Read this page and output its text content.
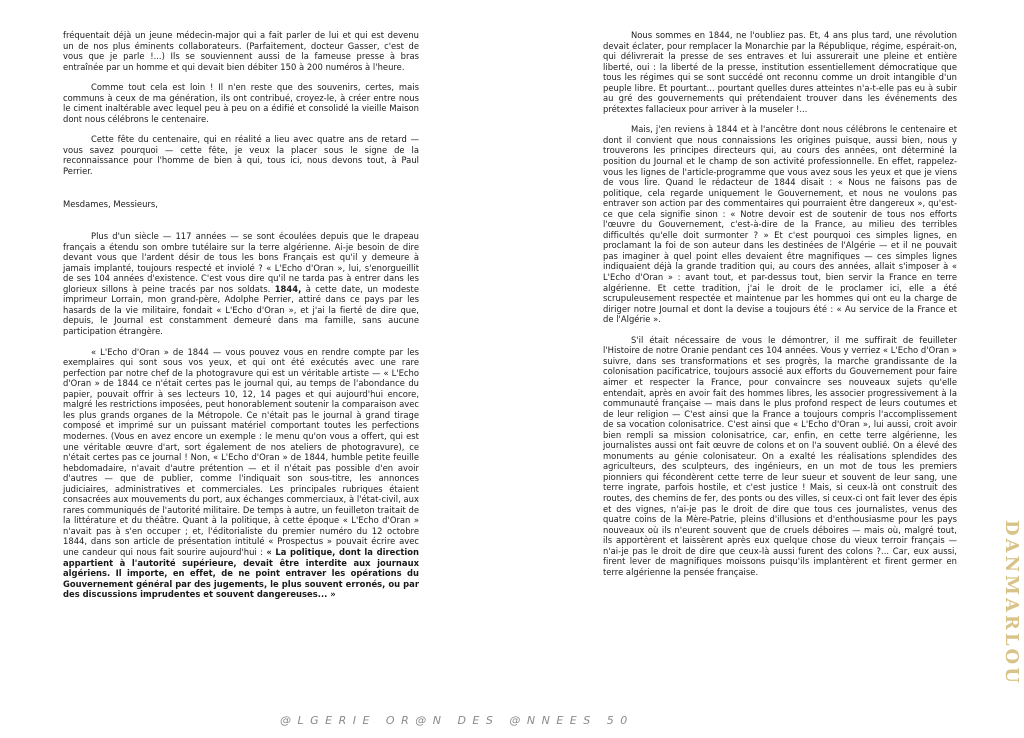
fréquentait déjà un jeune médecin-major qui a fait parler de lui et qui est devenu un de nos plus éminents collaborateurs. (Parfaitement, docteur Gasser, c'est de vous que je parle !...) Ils se souviennent aussi de la fameuse presse à bras entraînée par un homme et qui devait bien débiter 150 à 200 numéros à l'heure.

Comme tout cela est loin ! Il n'en reste que des souvenirs, certes, mais communs à ceux de ma génération, ils ont contribué, croyez-le, à créer entre nous le ciment inaltérable avec lequel peu à peu on a édifié et consolidé la vieille Maison dont nous célébrons le centenaire.

Cette fête du centenaire, qui en réalité a lieu avec quatre ans de retard — vous savez pourquoi — cette fête, je veux la placer sous le signe de la reconnaissance pour l'homme de bien à qui, tous ici, nous devons tout, à Paul Perrier.

Mesdames, Messieurs,

Plus d'un siècle — 117 années — se sont écoulées depuis que le drapeau français a étendu son ombre tutélaire sur la terre algérienne. Ai-je besoin de dire devant vous que l'ardent désir de tous les bons Français est qu'il y demeure à jamais implanté, toujours respecté et inviolé ? « L'Echo d'Oran », lui, s'enorgueillit de ses 104 années d'existence. C'est vous dire qu'il ne tarda pas à entrer dans les glorieux sillons à peine tracés par nos soldats. 1844, à cette date, un modeste imprimeur Lorrain, mon grand-père, Adolphe Perrier, attiré dans ce pays par les hasards de la vie militaire, fondait « L'Echo d'Oran », et j'ai la fierté de dire que, depuis, le Journal est constamment demeuré dans ma famille, sans aucune participation étrangère.

« L'Echo d'Oran » de 1844 — vous pouvez vous en rendre compte par les exemplaires qui sont sous vos yeux, et qui ont été exécutés avec une rare perfection par notre chef de la photogravure qui est un véritable artiste — « L'Echo d'Oran » de 1844 ce n'était certes pas le journal qui, au temps de l'abondance du papier, pouvait offrir à ses lecteurs 10, 12, 14 pages et qui aujourd'hui encore, malgré les restrictions imposées, peut honorablement soutenir la comparaison avec les plus grands organes de la Métropole. Ce n'était pas le journal à grand tirage composé et imprimé sur un puissant matériel comportant toutes les perfections modernes. (Vous en avez encore un exemple : le menu qu'on vous a offert, qui est une véritable œuvre d'art, sort également de nos ateliers de photogravure), ce n'était certes pas ce journal ! Non, « L'Echo d'Oran » de 1844, humble petite feuille hebdomadaire, n'avait d'autre prétention — et il n'était pas possible d'en avoir d'autres — que de publier, comme l'indiquait son sous-titre, les annonces judiciaires, administratives et commerciales. Les principales rubriques étaient consacrées aux mouvements du port, aux échanges commerciaux, à l'état-civil, aux rares communiqués de l'autorité militaire. De temps à autre, un feuilleton traitait de la littérature et du théâtre. Quant à la politique, à cette époque « L'Echo d'Oran » n'avait pas à s'en occuper ; et, l'éditorialiste du premier numéro du 12 octobre 1844, dans son article de présentation intitulé « Prospectus » pouvait écrire avec une candeur qui nous fait sourire aujourd'hui : « La politique, dont la direction appartient à l'autorité supérieure, devait être interdite aux journaux algériens. Il importe, en effet, de ne point entraver les opérations du Gouvernement général par des jugements, le plus souvent erronés, ou par des discussions imprudentes et souvent dangereuses... »

Nous sommes en 1844, ne l'oubliez pas. Et, 4 ans plus tard, une révolution devait éclater, pour remplacer la Monarchie par la République, régime, espérait-on, qui délivrerait la presse de ses entraves et lui assurerait une pleine et entière liberté, oui : la liberté de la presse, institution essentiellement démocratique que tous les régimes qui se sont succédé ont reconnu comme un droit intangible d'un peuple libre. Et pourtant... pourtant quelles dures atteintes n'a-t-elle pas eu à subir au gré des gouvernements qui prétendaient trouver dans les événements des prétextes fallacieux pour arriver à la museler !...

Mais, j'en reviens à 1844 et à l'ancêtre dont nous célébrons le centenaire et dont il convient que nous connaissions les origines puisque, aussi bien, nous y trouverons les principes directeurs qui, au cours des années, ont déterminé la position du Journal et le champ de son activité professionnelle. En effet, rappelez-vous les lignes de l'article-programme que vous avez sous les yeux et que je viens de vous lire. Quand le rédacteur de 1844 disait : « Nous ne faisons pas de politique, cela regarde uniquement le Gouvernement, et nous ne voulons pas entraver son action par des commentaires qui pourraient être dangereux », qu'est-ce que cela signifie sinon : « Notre devoir est de soutenir de tous nos efforts l'œuvre du Gouvernement, c'est-à-dire de la France, au milieu des terribles difficultés qu'elle doit surmonter ? » Et c'est pourquoi ces simples lignes, en proclamant la foi de son auteur dans les destinées de l'Algérie — et il ne pouvait pas imaginer à quel point elles devaient être magnifiques — ces simples lignes indiquaient déjà la grande tradition qui, au cours des années, allait s'imposer à « L'Echo d'Oran » : avant tout, et par-dessus tout, bien servir la France en terre algérienne. Et cette tradition, j'ai le droit de le proclamer ici, elle a été scrupuleusement respectée et maintenue par les hommes qui ont eu la charge de diriger notre Journal et dont la devise a toujours été : « Au service de la France et de l'Algérie ».

S'il était nécessaire de vous le démontrer, il me suffirait de feuilleter l'Histoire de notre Oranie pendant ces 104 années. Vous y verriez « L'Echo d'Oran » suivre, dans ses transformations et ses progrès, la marche grandissante de la colonisation pacificatrice, toujours associé aux efforts du Gouvernement pour faire aimer et respecter la France, pour convaincre ses nouveaux sujets qu'elle entendait, après en avoir fait des hommes libres, les associer progressivement à la communauté française — mais dans le plus profond respect de leurs coutumes et de leur religion — C'est ainsi que la France a toujours compris l'accomplissement de sa vocation colonisatrice. C'est ainsi que « L'Echo d'Oran », lui aussi, croit avoir bien rempli sa mission colonisatrice, car, enfin, en cette terre algérienne, les journalistes aussi ont fait œuvre de colons et on l'a souvent oublié. On a élevé des monuments au génie colonisateur. On a exalté les réalisations splendides des agriculteurs, des sculpteurs, des ingénieurs, en un mot de tous les premiers pionniers qui fécondèrent cette terre de leur sueur et souvent de leur sang, une terre ingrate, parfois hostile, et c'est justice ! Mais, si ceux-là ont construit des routes, des chemins de fer, des ponts ou des villes, si ceux-ci ont fait lever des épis et des vignes, n'ai-je pas le droit de dire que tous ces journalistes, venus des quatre coins de la Mère-Patrie, pleins d'illusions et d'enthousiasme pour les pays nouveaux où ils n'eurent souvent que de cruels déboires — mais où, malgré tout, ils apportèrent et laissèrent après eux quelque chose du vieux terroir français — n'ai-je pas le droit de dire que ceux-là aussi furent des colons ?... Car, eux aussi, firent lever de magnifiques moissons puisqu'ils implantèrent et firent germer en terre algérienne la pensée française.	DANMARLOU
@LGERIE OR@N DES @NNEES 50
